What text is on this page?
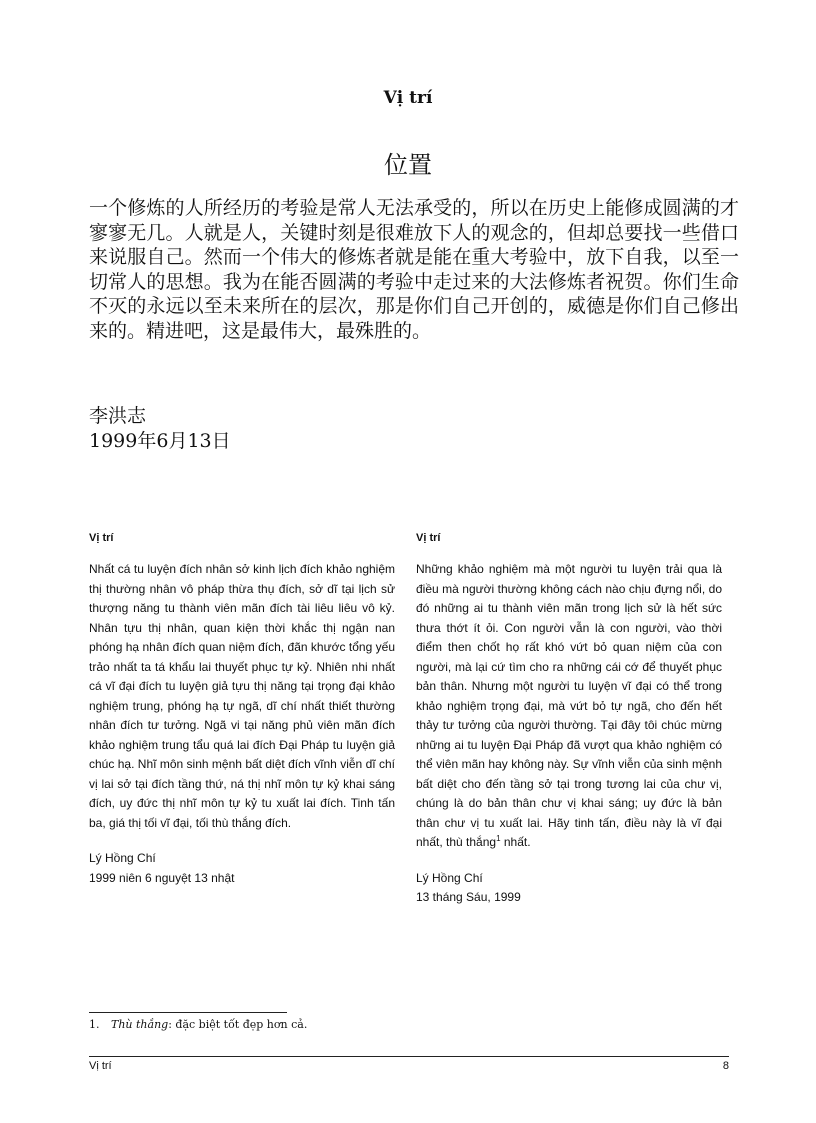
Vị trí
位置

一个修炼的人所经历的考验是常人无法承受的，所以在历史上能修成圆满的才寥寥无几。人就是人，关键时刻是很难放下人的观念的，但却总要找一些借口来说服自己。然而一个伟大的修炼者就是能在重大考验中，放下自我，以至一切常人的思想。我为在能否圆满的考验中走过来的大法修炼者祝贺。你们生命不灭的永远以至未来所在的层次，那是你们自己开创的，威德是你们自己修出来的。精进吧，这是最伟大，最殊胜的。

李洪志
1999年6月13日
Vị trí

Nhất cá tu luyện đích nhân sở kinh lịch đích khảo nghiệm thị thường nhân vô pháp thừa thụ đích, sở dĩ tại lịch sử thượng năng tu thành viên mãn đích tài liêu liêu vô kỷ. Nhân tựu thị nhân, quan kiện thời khắc thị ngận nan phóng hạ nhân đích quan niệm đích, đãn khước tổng yếu trảo nhất ta tá khẩu lai thuyết phục tự kỷ. Nhiên nhi nhất cá vĩ đại đích tu luyện giả tựu thị năng tại trọng đại khảo nghiệm trung, phóng hạ tự ngã, dĩ chí nhất thiết thường nhân đích tư tưởng. Ngã vi tại năng phủ viên mãn đích khảo nghiệm trung tẩu quá lai đích Đại Pháp tu luyện giả chúc hạ. Nhĩ môn sinh mệnh bất diệt đích vĩnh viễn dĩ chí vị lai sở tại đích tầng thứ, ná thị nhĩ môn tự kỷ khai sáng đích, uy đức thị nhĩ môn tự kỷ tu xuất lai đích. Tinh tấn ba, giá thị tối vĩ đại, tối thù thắng đích.

Lý Hồng Chí
1999 niên 6 nguyệt 13 nhật
Vị trí

Những khảo nghiệm mà một người tu luyện trải qua là điều mà người thường không cách nào chịu đựng nổi, do đó những ai tu thành viên mãn trong lịch sử là hết sức thưa thớt ít ỏi. Con người vẫn là con người, vào thời điểm then chốt họ rất khó vứt bỏ quan niệm của con người, mà lại cứ tìm cho ra những cái cớ để thuyết phục bản thân. Nhưng một người tu luyện vĩ đại có thể trong khảo nghiệm trọng đại, mà vứt bỏ tự ngã, cho đến hết thảy tư tưởng của người thường. Tại đây tôi chúc mừng những ai tu luyện Đại Pháp đã vượt qua khảo nghiệm có thể viên mãn hay không này. Sự vĩnh viễn của sinh mệnh bất diệt cho đến tầng sở tại trong tương lai của chư vị, chúng là do bản thân chư vị khai sáng; uy đức là bản thân chư vị tu xuất lai. Hãy tinh tấn, điều này là vĩ đại nhất, thù thắng$^1$ nhất.

Lý Hồng Chí
13 tháng Sáu, 1999
1. Thù thắng: đặc biệt tốt đẹp hơn cả.
Vị trí	8
